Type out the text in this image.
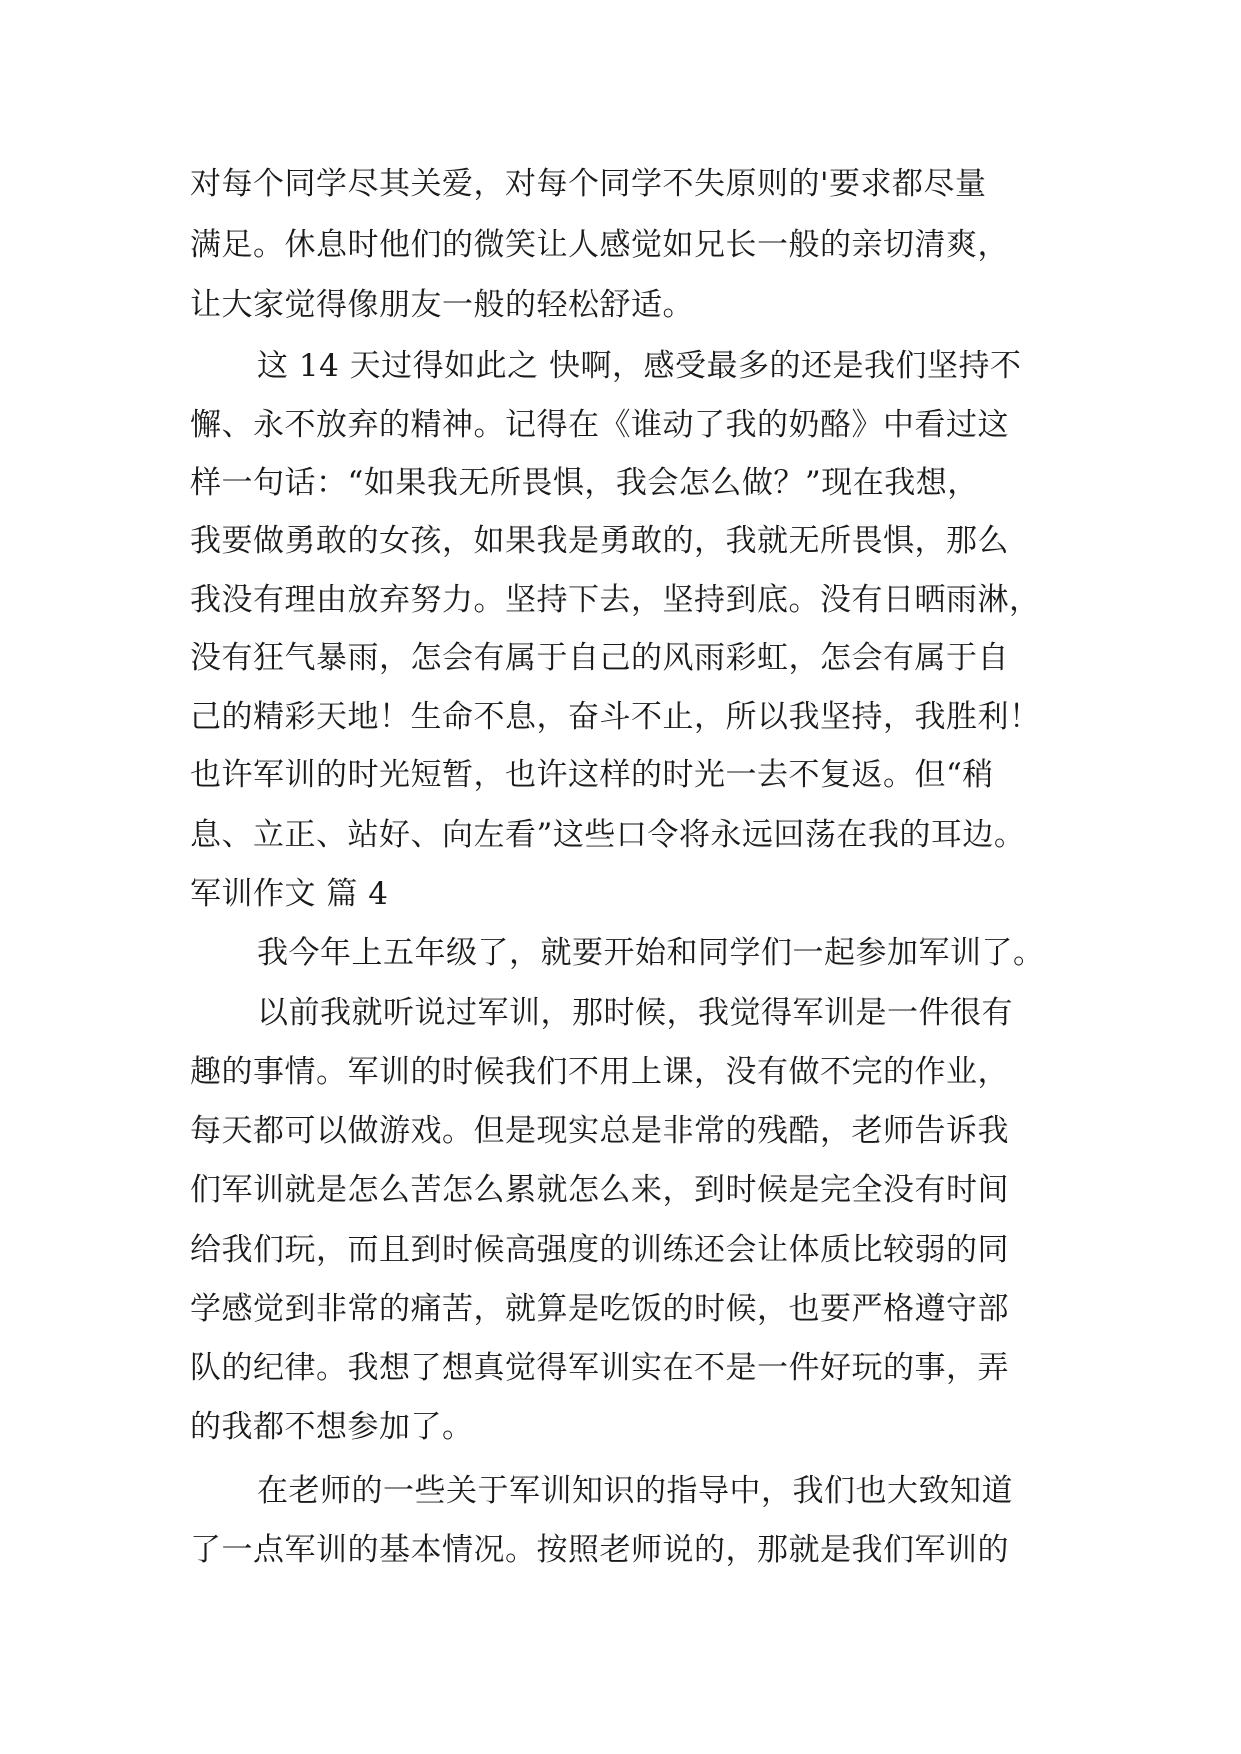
对每个同学尽其关爱，对每个同学不失原则的'要求都尽量
满足。休息时他们的微笑让人感觉如兄长一般的亲切清爽，
让大家觉得像朋友一般的轻松舒适。
这 14 天过得如此之 快啊，感受最多的还是我们坚持不
懈、永不放弃的精神。记得在《谁动了我的奶酪》中看过这
样一句话：“如果我无所畏惧，我会怎么做？”现在我想，
我要做勇敢的女孩，如果我是勇敢的，我就无所畏惧，那么
我没有理由放弃努力。坚持下去，坚持到底。没有日晒雨淋，
没有狂气暴雨，怎会有属于自己的风雨彩虹，怎会有属于自
己的精彩天地！生命不息，奋斗不止，所以我坚持，我胜利！
也许军训的时光短暂，也许这样的时光一去不复返。但“稍
息、立正、站好、向左看”这些口令将永远回荡在我的耳边。
军训作文 篇 4
我今年上五年级了，就要开始和同学们一起参加军训了。
以前我就听说过军训，那时候，我觉得军训是一件很有
趣的事情。军训的时候我们不用上课，没有做不完的作业，
每天都可以做游戏。但是现实总是非常的残酷，老师告诉我
们军训就是怎么苦怎么累就怎么来，到时候是完全没有时间
给我们玩，而且到时候高强度的训练还会让体质比较弱的同
学感觉到非常的痛苦，就算是吃饭的时候，也要严格遵守部
队的纪律。我想了想真觉得军训实在不是一件好玩的事，弄
的我都不想参加了。
在老师的一些关于军训知识的指导中，我们也大致知道
了一点军训的基本情况。按照老师说的，那就是我们军训的
